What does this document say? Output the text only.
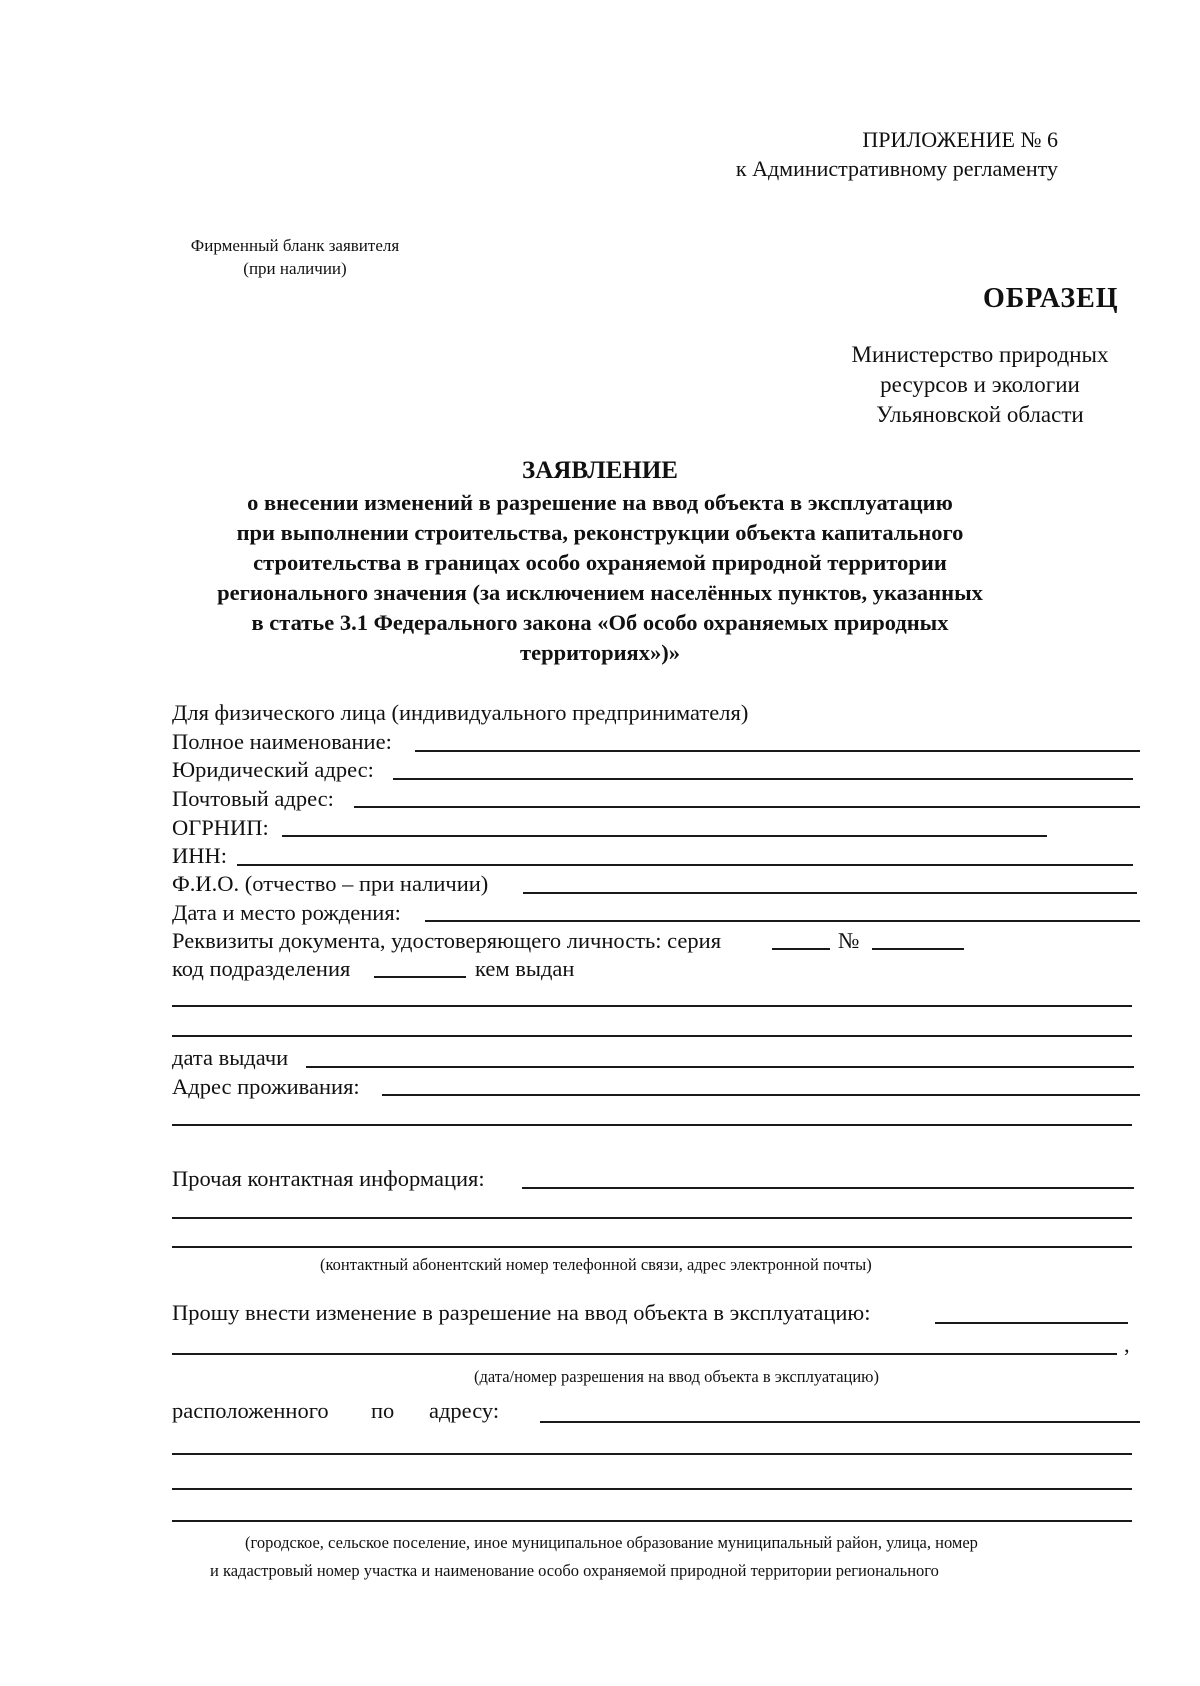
ПРИЛОЖЕНИЕ № 6
к Административному регламенту
Фирменный бланк заявителя
(при наличии)
ОБРАЗЕЦ
Министерство природных
ресурсов и экологии
Ульяновской области
ЗАЯВЛЕНИЕ
о внесении изменений в разрешение на ввод объекта в эксплуатацию
при выполнении строительства, реконструкции объекта капитального
строительства в границах особо охраняемой природной территории
регионального значения (за исключением населённых пунктов, указанных
в статье 3.1 Федерального закона «Об особо охраняемых природных
территориях»)»
Для физического лица (индивидуального предпринимателя)
Полное наименование:
Юридический адрес:
Почтовый адрес:
ОГРНИП:
ИНН:
Ф.И.О. (отчество – при наличии)
Дата и место рождения:
Реквизиты документа, удостоверяющего личность: серия	№
код подразделения	кем выдан
дата выдачи
Адрес проживания:
Прочая контактная информация:
(контактный абонентский номер телефонной связи, адрес электронной почты)
Прошу внести изменение в разрешение на ввод объекта в эксплуатацию:
,
(дата/номер разрешения на ввод объекта в эксплуатацию)
расположенного по адресу:
(городское, сельское поселение, иное муниципальное образование муниципальный район, улица, номер
и кадастровый номер участка и наименование особо охраняемой природной территории регионального
